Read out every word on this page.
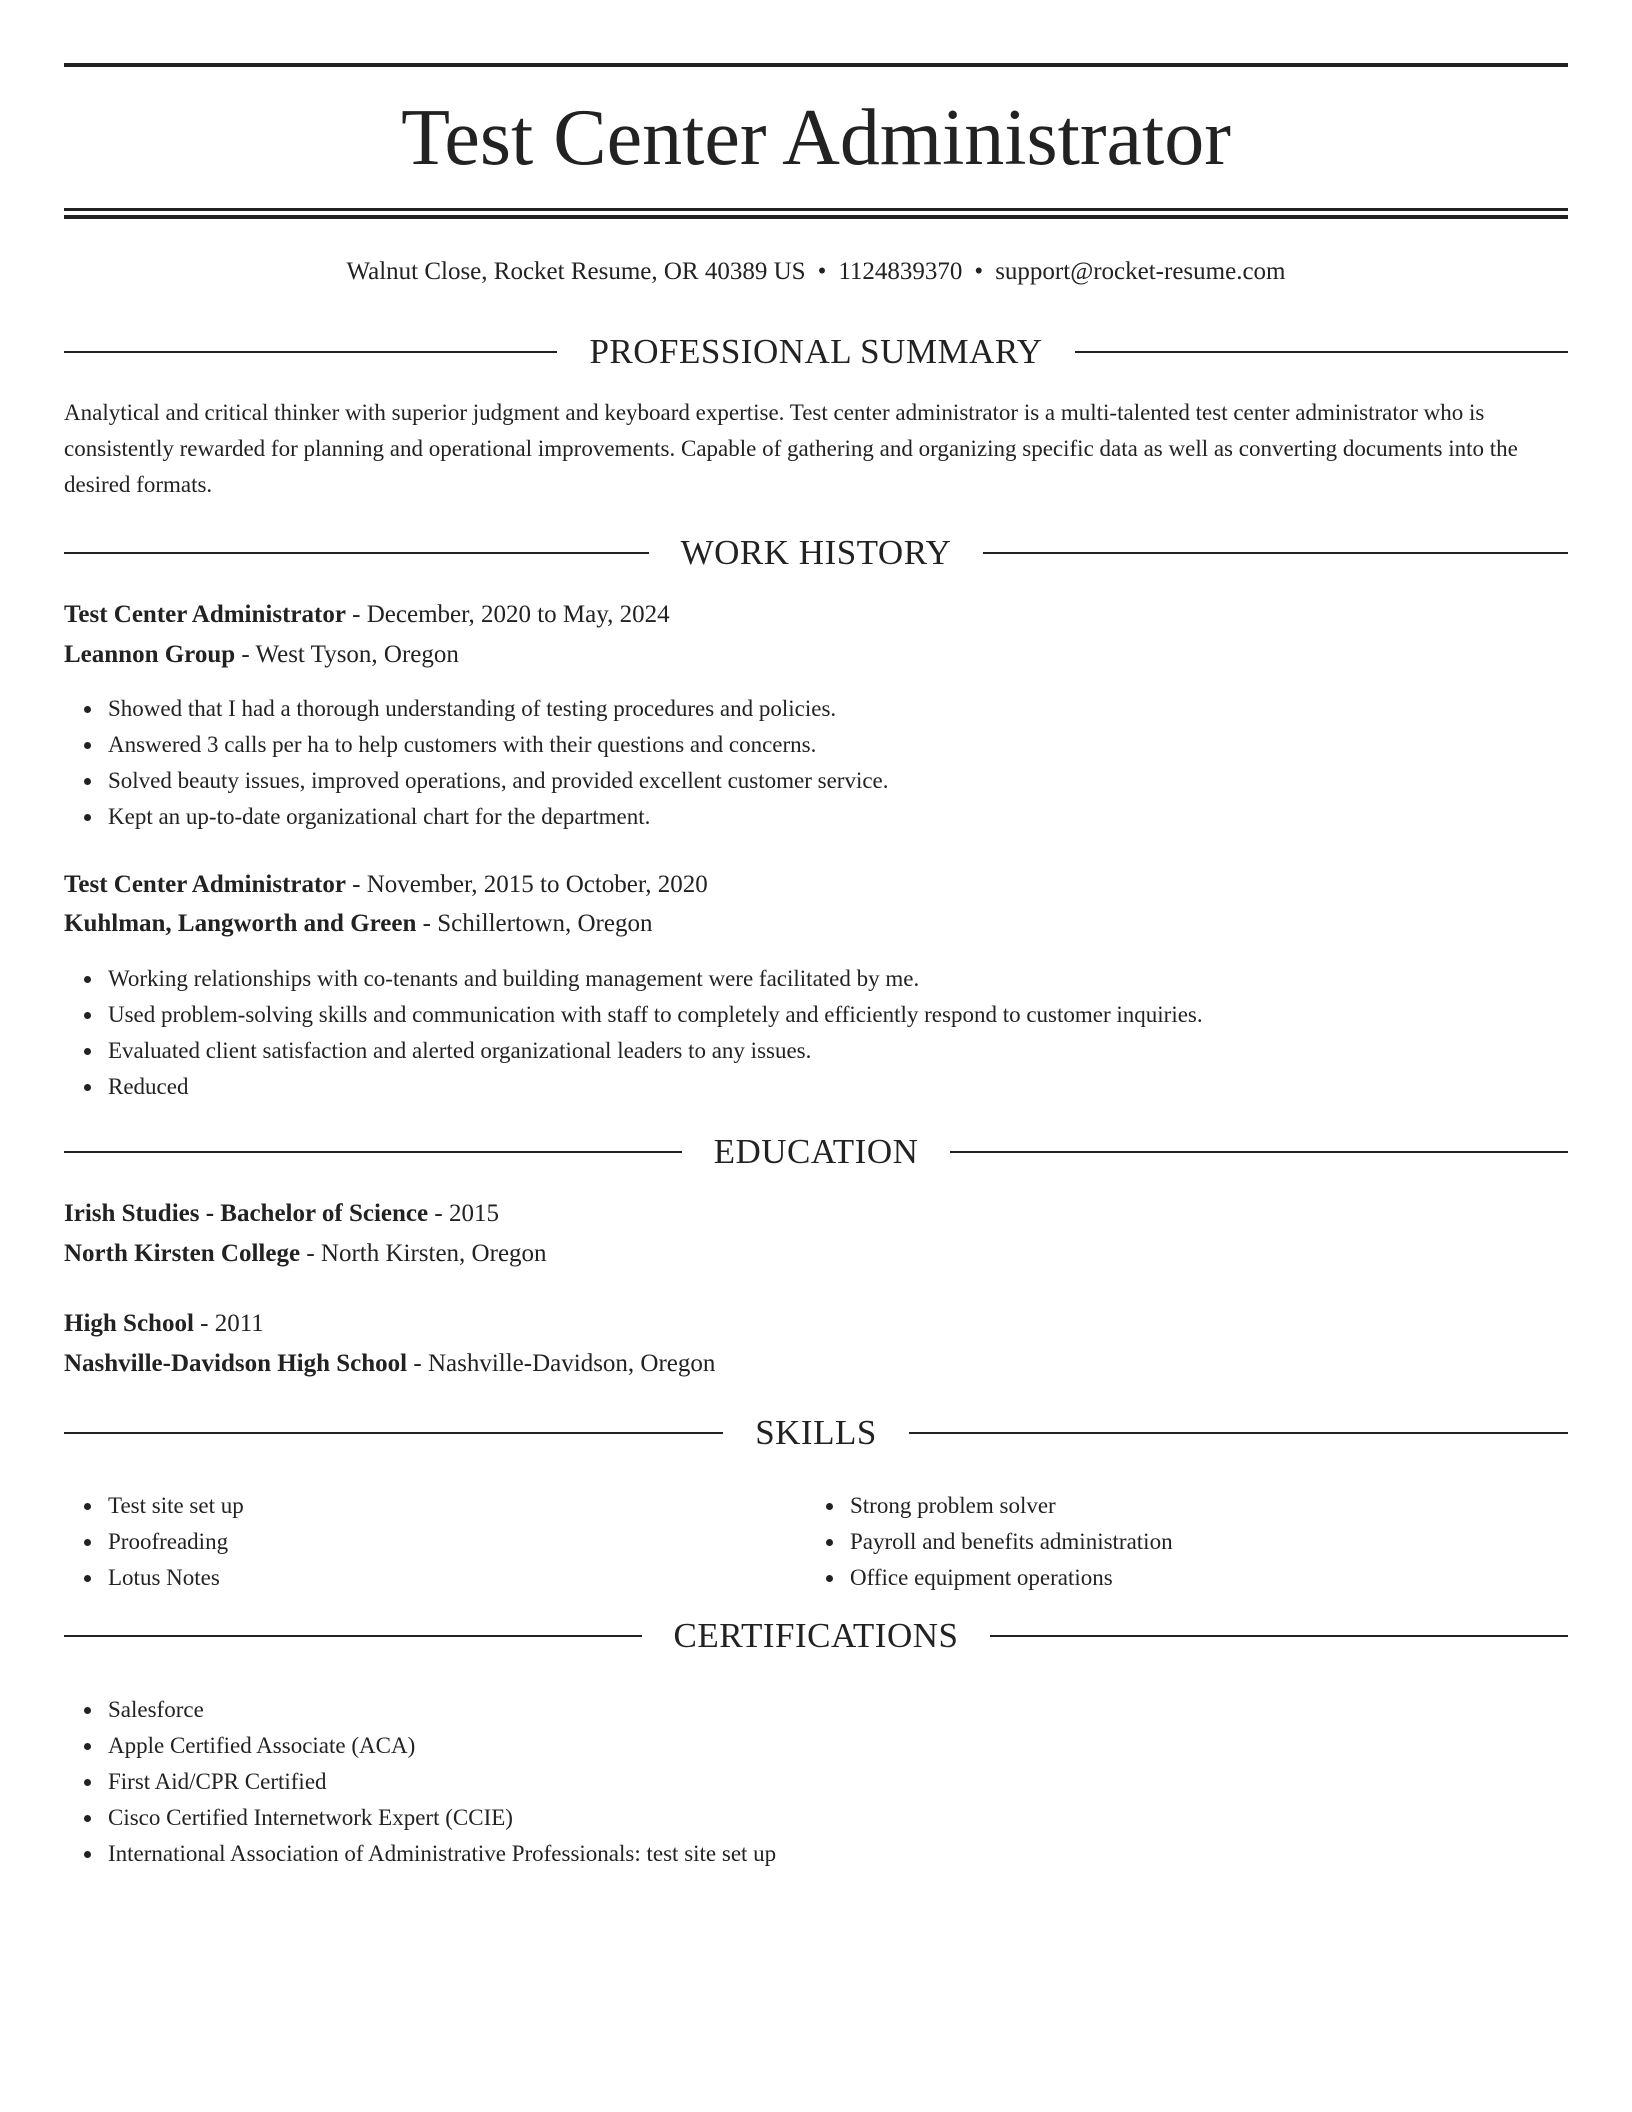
Test Center Administrator
Walnut Close, Rocket Resume, OR 40389 US • 1124839370 • support@rocket-resume.com
PROFESSIONAL SUMMARY

Analytical and critical thinker with superior judgment and keyboard expertise. Test center administrator is a multi-talented test center administrator who is consistently rewarded for planning and operational improvements. Capable of gathering and organizing specific data as well as converting documents into the desired formats.

WORK HISTORY
Test Center Administrator - December, 2020 to May, 2024
Leannon Group - West Tyson, Oregon
Showed that I had a thorough understanding of testing procedures and policies.
Answered 3 calls per ha to help customers with their questions and concerns.
Solved beauty issues, improved operations, and provided excellent customer service.
Kept an up-to-date organizational chart for the department.
Test Center Administrator - November, 2015 to October, 2020
Kuhlman, Langworth and Green - Schillertown, Oregon
Working relationships with co-tenants and building management were facilitated by me.
Used problem-solving skills and communication with staff to completely and efficiently respond to customer inquiries.
Evaluated client satisfaction and alerted organizational leaders to any issues.
Reduced
EDUCATION
Irish Studies - Bachelor of Science - 2015
North Kirsten College - North Kirsten, Oregon
High School - 2011
Nashville-Davidson High School - Nashville-Davidson, Oregon
SKILLS
Test site set up
Proofreading
Lotus Notes
Strong problem solver
Payroll and benefits administration
Office equipment operations
CERTIFICATIONS
Salesforce
Apple Certified Associate (ACA)
First Aid/CPR Certified
Cisco Certified Internetwork Expert (CCIE)
International Association of Administrative Professionals: test site set up
